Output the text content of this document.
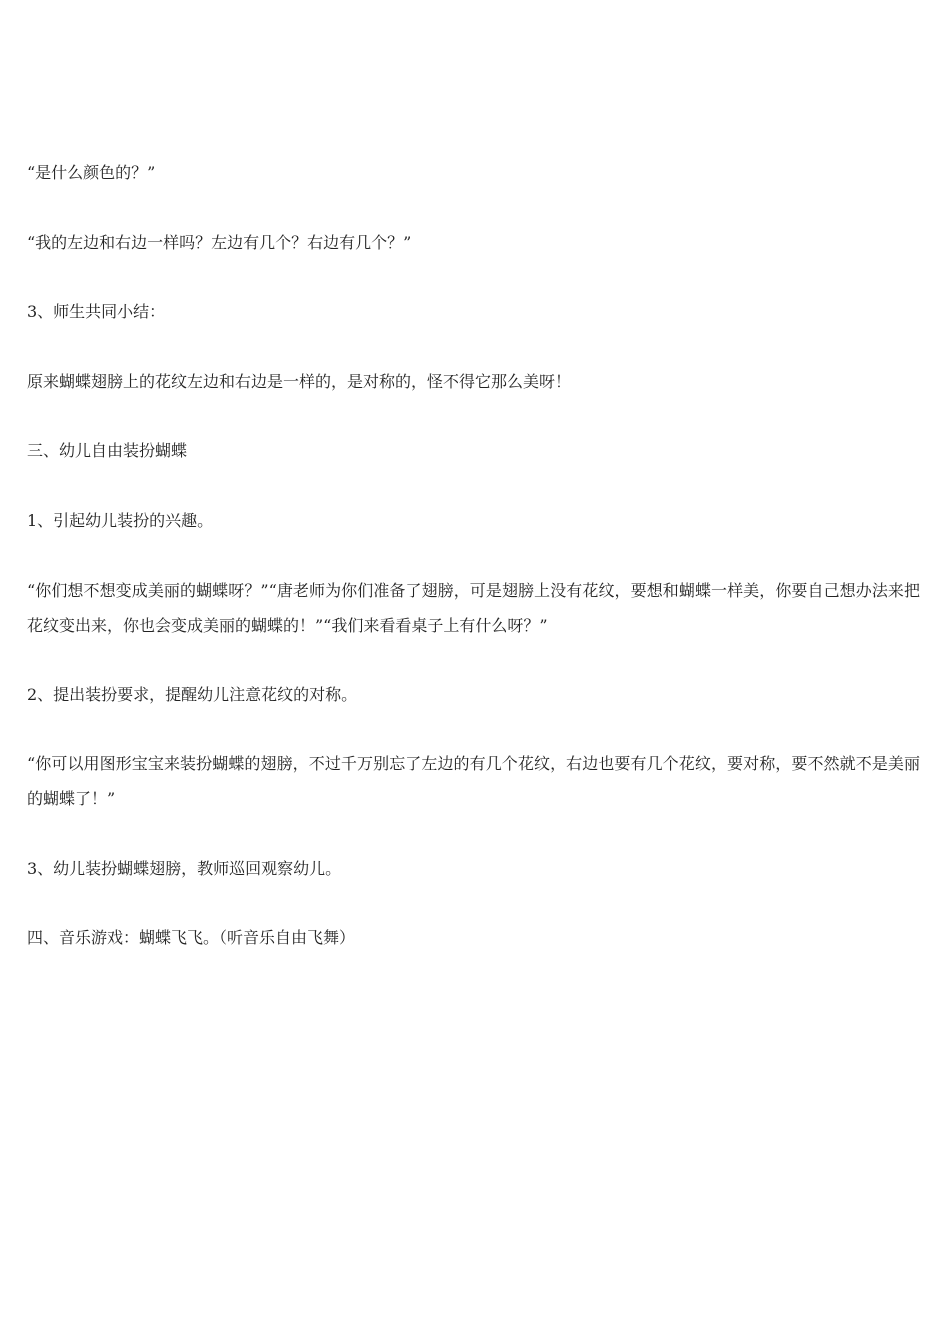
“是什么颜色的？”

“我的左边和右边一样吗？左边有几个？右边有几个？”

3、师生共同小结：

原来蝴蝶翅膀上的花纹左边和右边是一样的，是对称的，怪不得它那么美呀！

三、幼儿自由装扮蝴蝶

1、引起幼儿装扮的兴趣。

“你们想不想变成美丽的蝴蝶呀？”“唐老师为你们准备了翅膀，可是翅膀上没有花纹，要想和蝴蝶一样美，你要自己想办法来把花纹变出来，你也会变成美丽的蝴蝶的！”“我们来看看桌子上有什么呀？”

2、提出装扮要求，提醒幼儿注意花纹的对称。

“你可以用图形宝宝来装扮蝴蝶的翅膀，不过千万别忘了左边的有几个花纹，右边也要有几个花纹，要对称，要不然就不是美丽的蝴蝶了！”

3、幼儿装扮蝴蝶翅膀，教师巡回观察幼儿。

四、音乐游戏：蝴蝶飞飞。（听音乐自由飞舞）
